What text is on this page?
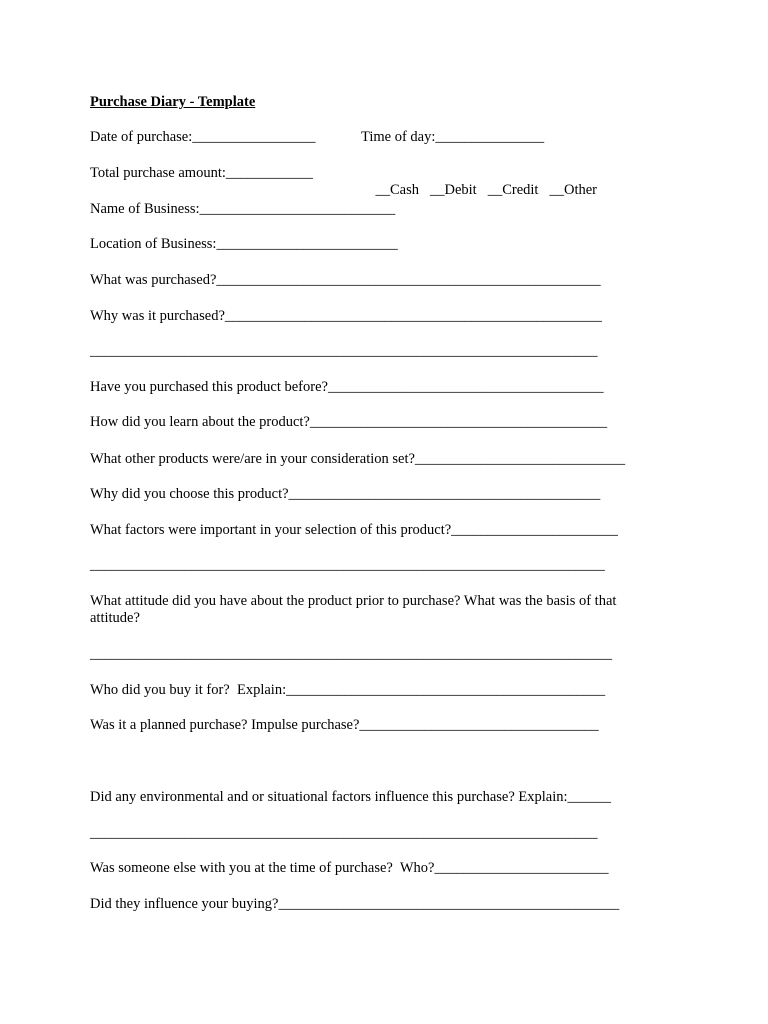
Purchase Diary - Template
Date of purchase:_________________	Time of day:_______________
Total purchase amount:____________

__Cash __Debit __Credit __Other

Name of Business:___________________________
Location of Business:_________________________
What was purchased?_____________________________________________________
Why was it purchased?____________________________________________________
______________________________________________________________________
Have you purchased this product before?______________________________________
How did you learn about the product?_________________________________________
What other products were/are in your consideration set?_____________________________
Why did you choose this product?___________________________________________
What factors were important in your selection of this product?_______________________
_______________________________________________________________________
What attitude did you have about the product prior to purchase? What was the basis of that attitude?
________________________________________________________________________
Who did you buy it for?  Explain:____________________________________________
Was it a planned purchase? Impulse purchase?_________________________________
Did any environmental and or situational factors influence this purchase? Explain:______
______________________________________________________________________
Was someone else with you at the time of purchase?  Who?________________________
Did they influence your buying?_______________________________________________
